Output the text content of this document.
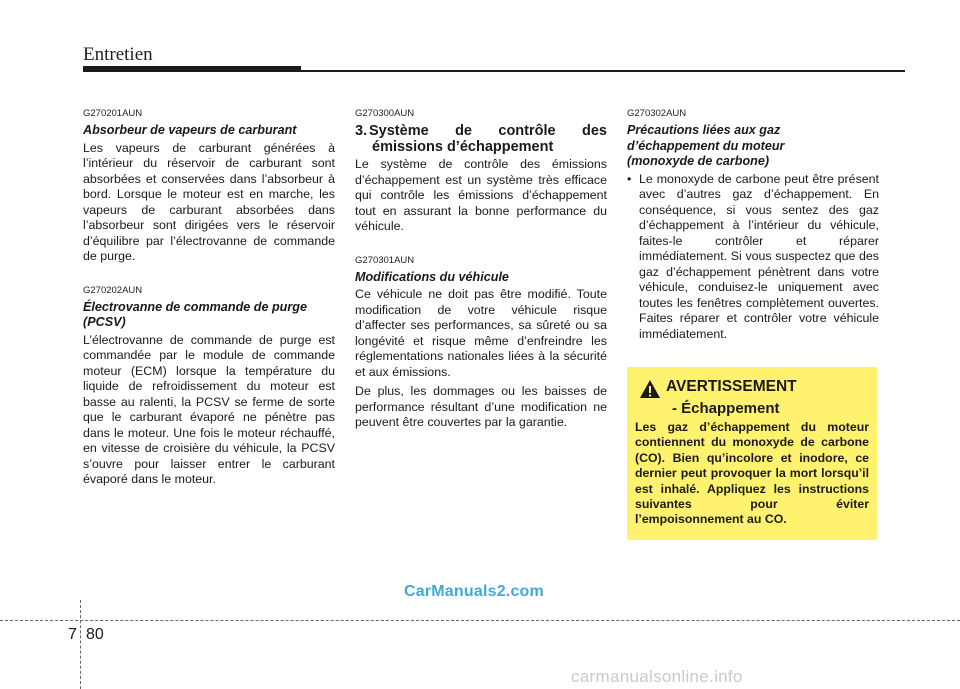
Entretien
G270201AUN
Absorbeur de vapeurs de carburant
Les vapeurs de carburant générées à l’intérieur du réservoir de carburant sont absorbées et conservées dans l’absorbeur à bord. Lorsque le moteur est en marche, les vapeurs de carburant absorbées dans l’absorbeur sont dirigées vers le réservoir d’équilibre par l’électrovanne de commande de purge.
G270202AUN
Électrovanne de commande de purge (PCSV)
L’électrovanne de commande de purge est commandée par le module de commande moteur (ECM) lorsque la température du liquide de refroidissement du moteur est basse au ralenti, la PCSV se ferme de sorte que le carburant évaporé ne pénètre pas dans le moteur. Une fois le moteur réchauffé, en vitesse de croisière du véhicule, la PCSV s’ouvre pour laisser entrer le carburant évaporé dans le moteur.
G270300AUN
3. Système de contrôle des
émissions d’échappement
Le système de contrôle des émissions d’échappement est un système très efficace qui contrôle les émissions d’échappement tout en assurant la bonne performance du véhicule.
G270301AUN
Modifications du véhicule
Ce véhicule ne doit pas être modifié. Toute modification de votre véhicule risque d’affecter ses performances, sa sûreté ou sa longévité et risque même d’enfreindre les réglementations nationales liées à la sécurité et aux émissions.
De plus, les dommages ou les baisses de performance résultant d’une modification ne peuvent être couvertes par la garantie.
G270302AUN
Précautions liées aux gaz
d’échappement du moteur
(monoxyde de carbone)
• Le monoxyde de carbone peut être présent avec d’autres gaz d’échappement. En conséquence, si vous sentez des gaz d’échappement à l’intérieur du véhicule, faites-le contrôler et réparer immédiatement. Si vous suspectez que des gaz d’échappement pénètrent dans votre véhicule, conduisez-le uniquement avec toutes les fenêtres complètement ouvertes. Faites réparer et contrôler votre véhicule immédiatement.
AVERTISSEMENT
- Échappement
Les gaz d’échappement du moteur contiennent du monoxyde de carbone (CO). Bien qu’incolore et inodore, ce dernier peut provoquer la mort lorsqu’il est inhalé. Appliquez les instructions suivantes pour éviter l’empoisonnement au CO.
CarManuals2.com
7 80
carmanualsonline.info
